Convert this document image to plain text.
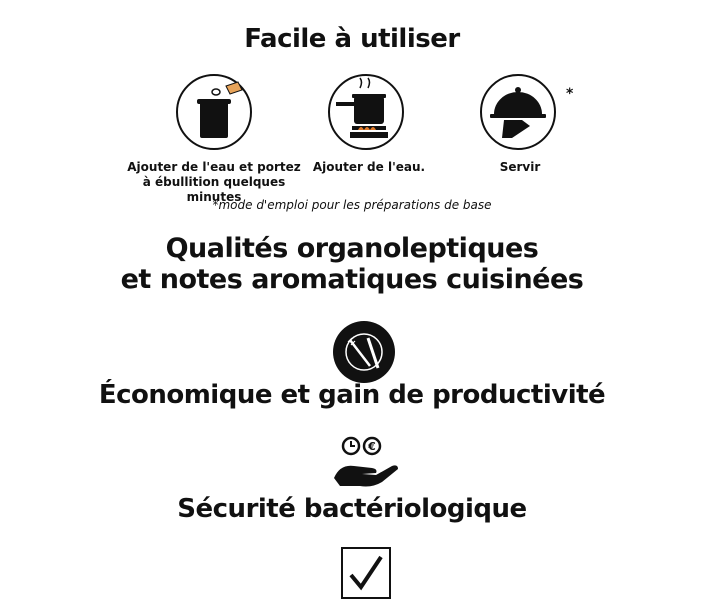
Facile à utiliser
Ajouter de l'eau et portez à ébullition quelques minutes
Ajouter de l'eau.
*
Servir
*mode d'emploi pour les préparations de base
Qualités organoleptiques
et notes aromatiques cuisinées
Économique et gain de productivité
€
Sécurité bactériologique
